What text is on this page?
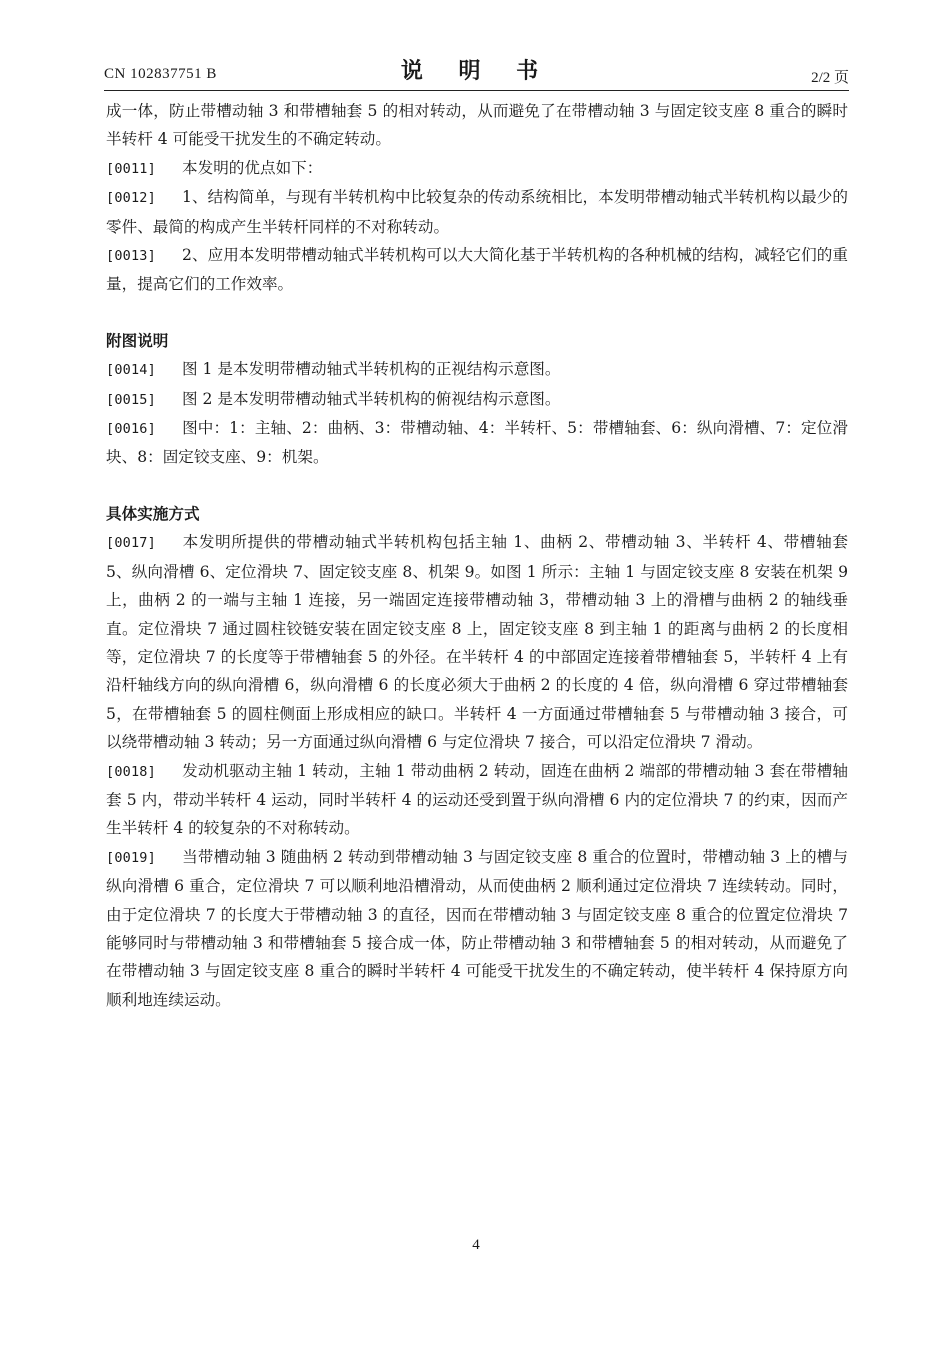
CN 102837751 B	说 明 书	2/2 页

成一体，防止带槽动轴 3 和带槽轴套 5 的相对转动，从而避免了在带槽动轴 3 与固定铰支座 8 重合的瞬时半转杆 4 可能受干扰发生的不确定转动。

[0011] 本发明的优点如下：

[0012] 1、结构简单，与现有半转机构中比较复杂的传动系统相比，本发明带槽动轴式半转机构以最少的零件、最简的构成产生半转杆同样的不对称转动。

[0013] 2、应用本发明带槽动轴式半转机构可以大大简化基于半转机构的各种机械的结构，减轻它们的重量，提高它们的工作效率。

附图说明

[0014] 图 1 是本发明带槽动轴式半转机构的正视结构示意图。

[0015] 图 2 是本发明带槽动轴式半转机构的俯视结构示意图。

[0016] 图中：1：主轴、2：曲柄、3：带槽动轴、4：半转杆、5：带槽轴套、6：纵向滑槽、7：定位滑块、8：固定铰支座、9：机架。

具体实施方式

[0017] 本发明所提供的带槽动轴式半转机构包括主轴 1、曲柄 2、带槽动轴 3、半转杆 4、带槽轴套 5、纵向滑槽 6、定位滑块 7、固定铰支座 8、机架 9。如图 1 所示：主轴 1 与固定铰支座 8 安装在机架 9 上，曲柄 2 的一端与主轴 1 连接，另一端固定连接带槽动轴 3，带槽动轴 3 上的滑槽与曲柄 2 的轴线垂直。定位滑块 7 通过圆柱铰链安装在固定铰支座 8 上，固定铰支座 8 到主轴 1 的距离与曲柄 2 的长度相等，定位滑块 7 的长度等于带槽轴套 5 的外径。在半转杆 4 的中部固定连接着带槽轴套 5，半转杆 4 上有沿杆轴线方向的纵向滑槽 6，纵向滑槽 6 的长度必须大于曲柄 2 的长度的 4 倍，纵向滑槽 6 穿过带槽轴套 5，在带槽轴套 5 的圆柱侧面上形成相应的缺口。半转杆 4 一方面通过带槽轴套 5 与带槽动轴 3 接合，可以绕带槽动轴 3 转动；另一方面通过纵向滑槽 6 与定位滑块 7 接合，可以沿定位滑块 7 滑动。

[0018] 发动机驱动主轴 1 转动，主轴 1 带动曲柄 2 转动，固连在曲柄 2 端部的带槽动轴 3 套在带槽轴套 5 内，带动半转杆 4 运动，同时半转杆 4 的运动还受到置于纵向滑槽 6 内的定位滑块 7 的约束，因而产生半转杆 4 的较复杂的不对称转动。

[0019] 当带槽动轴 3 随曲柄 2 转动到带槽动轴 3 与固定铰支座 8 重合的位置时，带槽动轴 3 上的槽与纵向滑槽 6 重合，定位滑块 7 可以顺利地沿槽滑动，从而使曲柄 2 顺利通过定位滑块 7 连续转动。同时，由于定位滑块 7 的长度大于带槽动轴 3 的直径，因而在带槽动轴 3 与固定铰支座 8 重合的位置定位滑块 7 能够同时与带槽动轴 3 和带槽轴套 5 接合成一体，防止带槽动轴 3 和带槽轴套 5 的相对转动，从而避免了在带槽动轴 3 与固定铰支座 8 重合的瞬时半转杆 4 可能受干扰发生的不确定转动，使半转杆 4 保持原方向顺利地连续运动。

4
